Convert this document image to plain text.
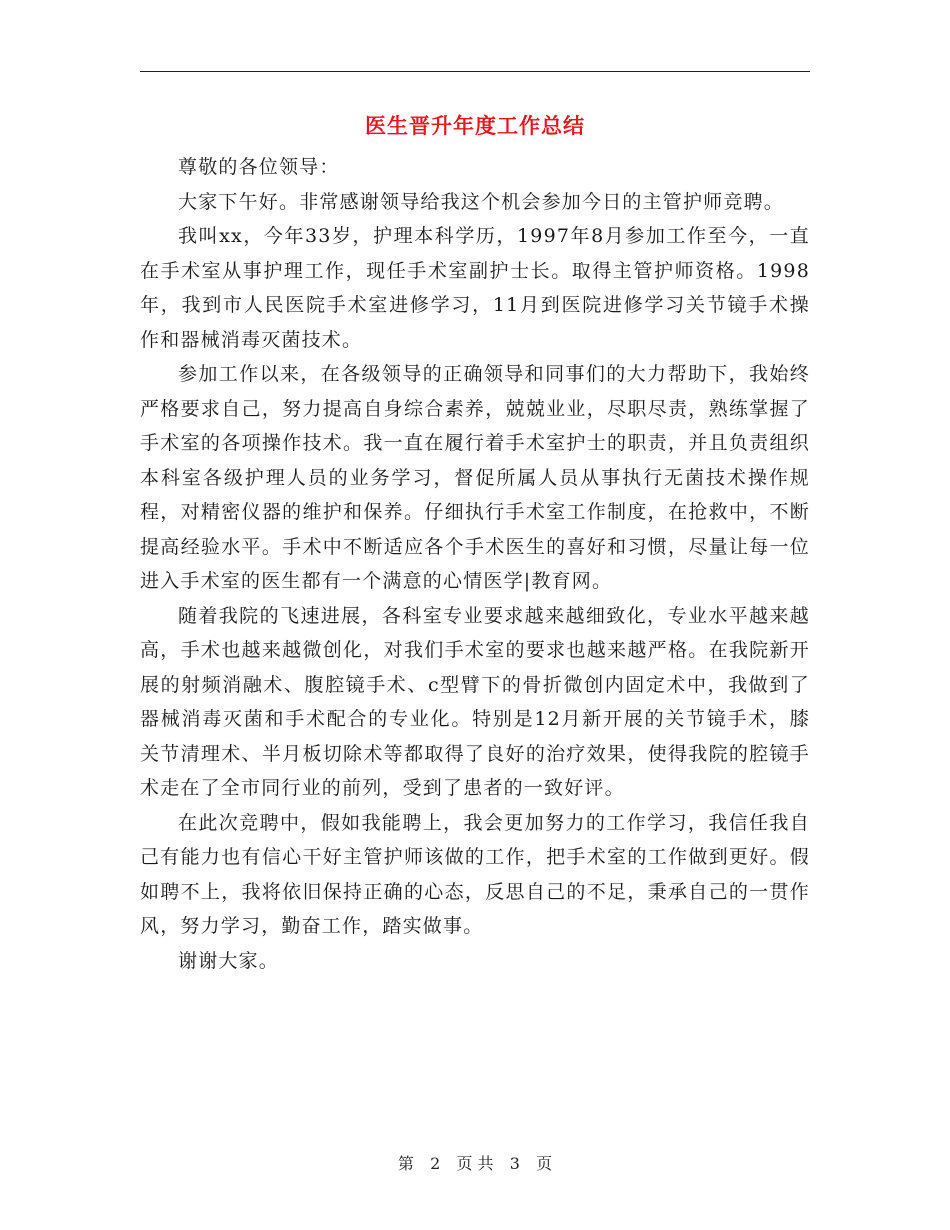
医生晋升年度工作总结

尊敬的各位领导：

大家下午好。非常感谢领导给我这个机会参加今日的主管护师竞聘。

我叫xx，今年33岁，护理本科学历，1997年8月参加工作至今，一直在手术室从事护理工作，现任手术室副护士长。取得主管护师资格。1998年，我到市人民医院手术室进修学习，11月到医院进修学习关节镜手术操作和器械消毒灭菌技术。

参加工作以来，在各级领导的正确领导和同事们的大力帮助下，我始终严格要求自己，努力提高自身综合素养，兢兢业业，尽职尽责，熟练掌握了手术室的各项操作技术。我一直在履行着手术室护士的职责，并且负责组织本科室各级护理人员的业务学习，督促所属人员从事执行无菌技术操作规程，对精密仪器的维护和保养。仔细执行手术室工作制度，在抢救中，不断提高经验水平。手术中不断适应各个手术医生的喜好和习惯，尽量让每一位进入手术室的医生都有一个满意的心情医学|教育网。

随着我院的飞速进展，各科室专业要求越来越细致化，专业水平越来越高，手术也越来越微创化，对我们手术室的要求也越来越严格。在我院新开展的射频消融术、腹腔镜手术、c型臂下的骨折微创内固定术中，我做到了器械消毒灭菌和手术配合的专业化。特别是12月新开展的关节镜手术，膝关节清理术、半月板切除术等都取得了良好的治疗效果，使得我院的腔镜手术走在了全市同行业的前列，受到了患者的一致好评。

在此次竞聘中，假如我能聘上，我会更加努力的工作学习，我信任我自己有能力也有信心干好主管护师该做的工作，把手术室的工作做到更好。假如聘不上，我将依旧保持正确的心态，反思自己的不足，秉承自己的一贯作风，努力学习，勤奋工作，踏实做事。

谢谢大家。

第 2 页 共 3 页
